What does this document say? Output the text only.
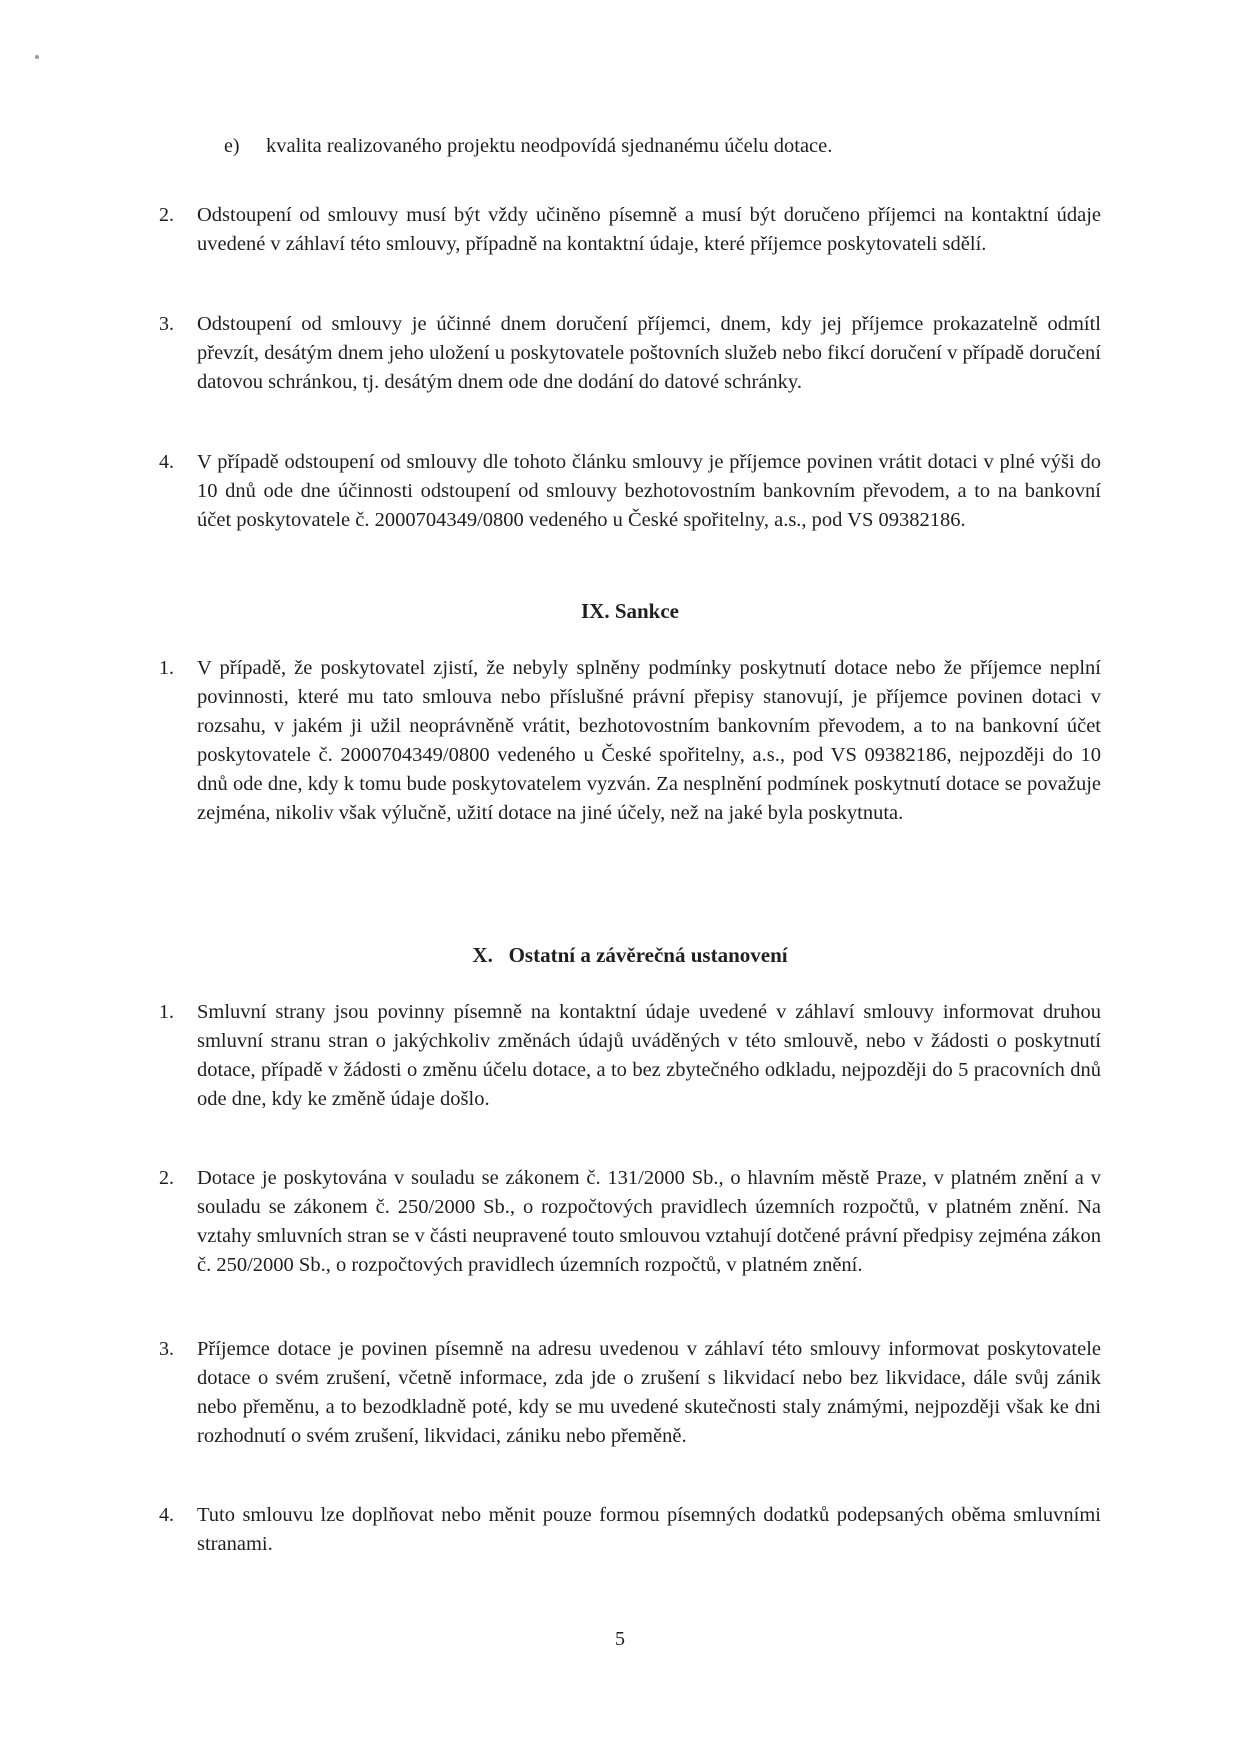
e) kvalita realizovaného projektu neodpovídá sjednanému účelu dotace.
2. Odstoupení od smlouvy musí být vždy učiněno písemně a musí být doručeno příjemci na kontaktní údaje uvedené v záhlaví této smlouvy, případně na kontaktní údaje, které příjemce poskytovateli sdělí.
3. Odstoupení od smlouvy je účinné dnem doručení příjemci, dnem, kdy jej příjemce prokazatelně odmítl převzít, desátým dnem jeho uložení u poskytovatele poštovních služeb nebo fikcí doručení v případě doručení datovou schránkou, tj. desátým dnem ode dne dodání do datové schránky.
4. V případě odstoupení od smlouvy dle tohoto článku smlouvy je příjemce povinen vrátit dotaci v plné výši do 10 dnů ode dne účinnosti odstoupení od smlouvy bezhotovostním bankovním převodem, a to na bankovní účet poskytovatele č. 2000704349/0800 vedeného u České spořitelny, a.s., pod VS 09382186.
IX. Sankce
1. V případě, že poskytovatel zjistí, že nebyly splněny podmínky poskytnutí dotace nebo že příjemce neplní povinnosti, které mu tato smlouva nebo příslušné právní přepisy stanovují, je příjemce povinen dotaci v rozsahu, v jakém ji užil neoprávněně vrátit, bezhotovostním bankovním převodem, a to na bankovní účet poskytovatele č. 2000704349/0800 vedeného u České spořitelny, a.s., pod VS 09382186, nejpozději do 10 dnů ode dne, kdy k tomu bude poskytovatelem vyzván. Za nesplnění podmínek poskytnutí dotace se považuje zejména, nikoliv však výlučně, užití dotace na jiné účely, než na jaké byla poskytnuta.
X.   Ostatní a závěrečná ustanovení
1. Smluvní strany jsou povinny písemně na kontaktní údaje uvedené v záhlaví smlouvy informovat druhou smluvní stranu stran o jakýchkoliv změnách údajů uváděných v této smlouvě, nebo v žádosti o poskytnutí dotace, případě v žádosti o změnu účelu dotace, a to bez zbytečného odkladu, nejpozději do 5 pracovních dnů ode dne, kdy ke změně údaje došlo.
2. Dotace je poskytována v souladu se zákonem č. 131/2000 Sb., o hlavním městě Praze, v platném znění a v souladu se zákonem č. 250/2000 Sb., o rozpočtových pravidlech územních rozpočtů, v platném znění. Na vztahy smluvních stran se v části neupravené touto smlouvou vztahují dotčené právní předpisy zejména zákon č. 250/2000 Sb., o rozpočtových pravidlech územních rozpočtů, v platném znění.
3. Příjemce dotace je povinen písemně na adresu uvedenou v záhlaví této smlouvy informovat poskytovatele dotace o svém zrušení, včetně informace, zda jde o zrušení s likvidací nebo bez likvidace, dále svůj zánik nebo přeměnu, a to bezodkladně poté, kdy se mu uvedené skutečnosti staly známými, nejpozději však ke dni rozhodnutí o svém zrušení, likvidaci, zániku nebo přeměně.
4. Tuto smlouvu lze doplňovat nebo měnit pouze formou písemných dodatků podepsaných oběma smluvními stranami.
5
